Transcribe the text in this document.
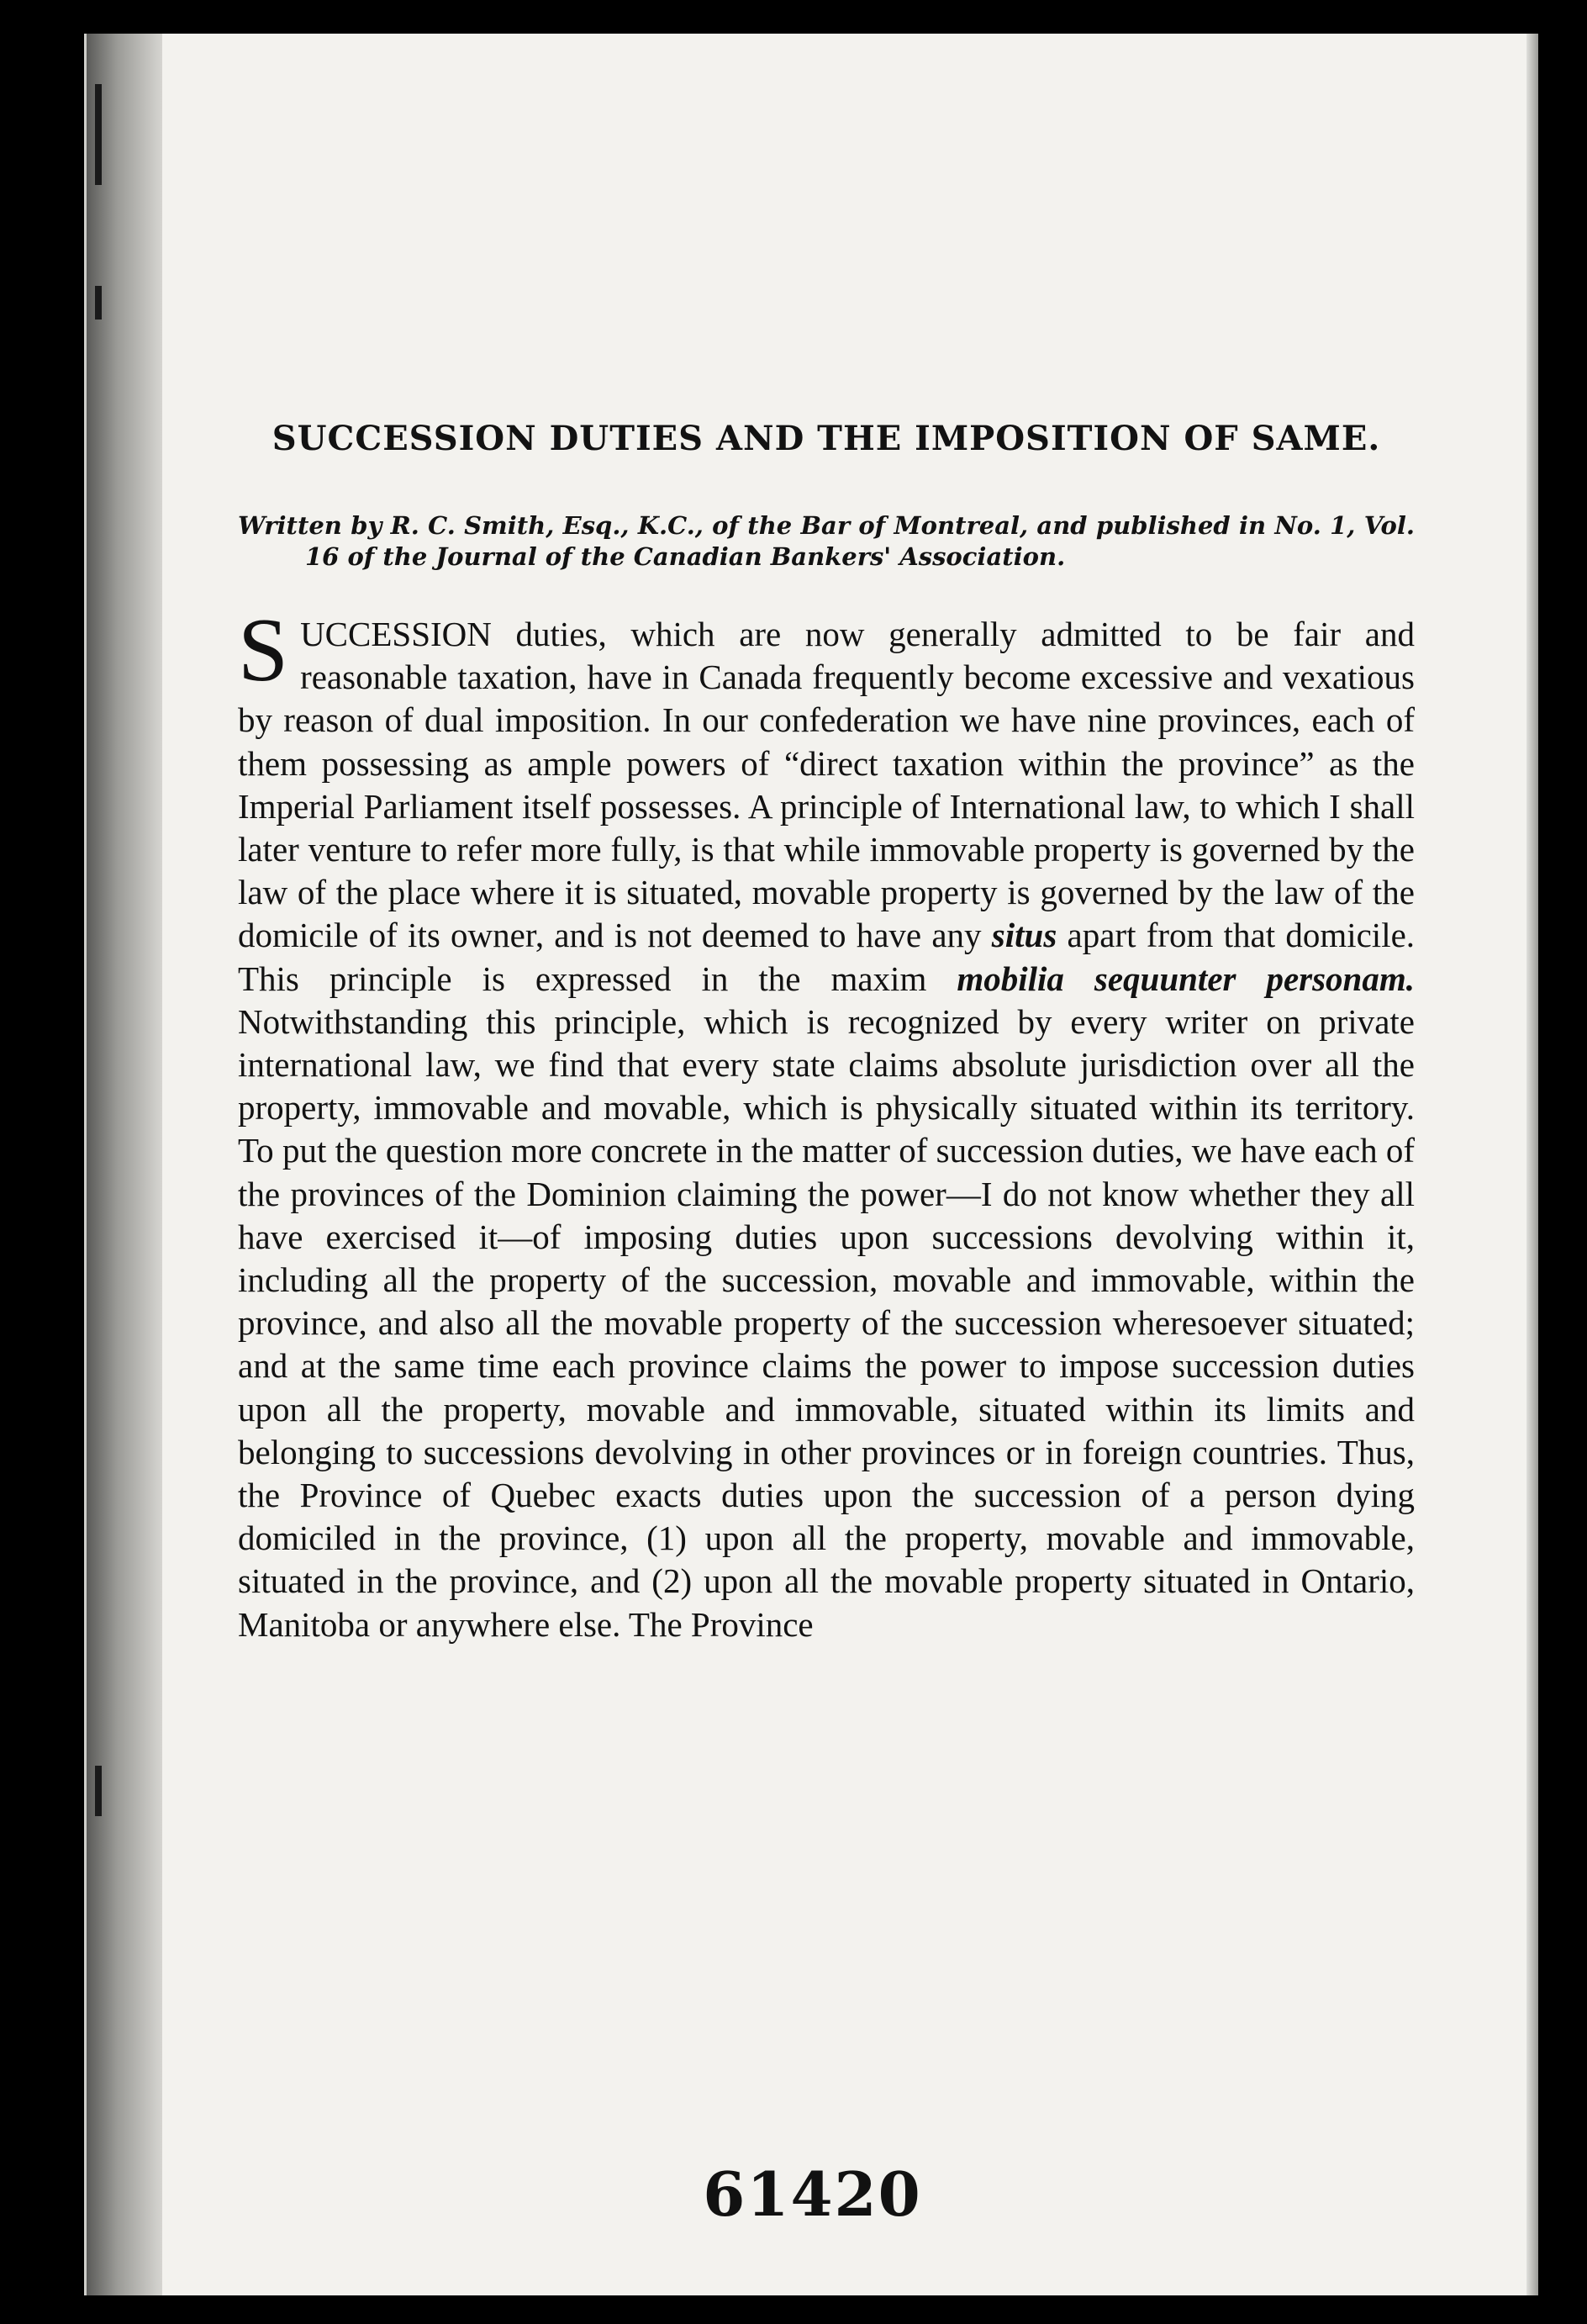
SUCCESSION DUTIES AND THE IMPOSITION OF SAME.

Written by R. C. Smith, Esq., K.C., of the Bar of Montreal, and published in No. 1, Vol. 16 of the Journal of the Canadian Bankers' Association.

SUCCESSION duties, which are now generally admitted to be fair and reasonable taxation, have in Canada frequently become excessive and vexatious by reason of dual imposition. In our confederation we have nine provinces, each of them possessing as ample powers of “direct taxation within the province” as the Imperial Parliament itself possesses. A principle of International law, to which I shall later venture to refer more fully, is that while immovable property is governed by the law of the place where it is situated, movable property is governed by the law of the domicile of its owner, and is not deemed to have any situs apart from that domicile. This principle is expressed in the maxim mobilia sequunter personam. Notwithstanding this principle, which is recognized by every writer on private international law, we find that every state claims absolute jurisdiction over all the property, immovable and movable, which is physically situated within its territory. To put the question more concrete in the matter of succession duties, we have each of the provinces of the Dominion claiming the power—I do not know whether they all have exercised it—of imposing duties upon successions devolving within it, including all the property of the succession, movable and immovable, within the province, and also all the movable property of the succession wheresoever situated; and at the same time each province claims the power to impose succession duties upon all the property, movable and immovable, situated within its limits and belonging to successions devolving in other provinces or in foreign countries. Thus, the Province of Quebec exacts duties upon the succession of a person dying domiciled in the province, (1) upon all the property, movable and immovable, situated in the province, and (2) upon all the movable property situated in Ontario, Manitoba or anywhere else. The Province

61420
